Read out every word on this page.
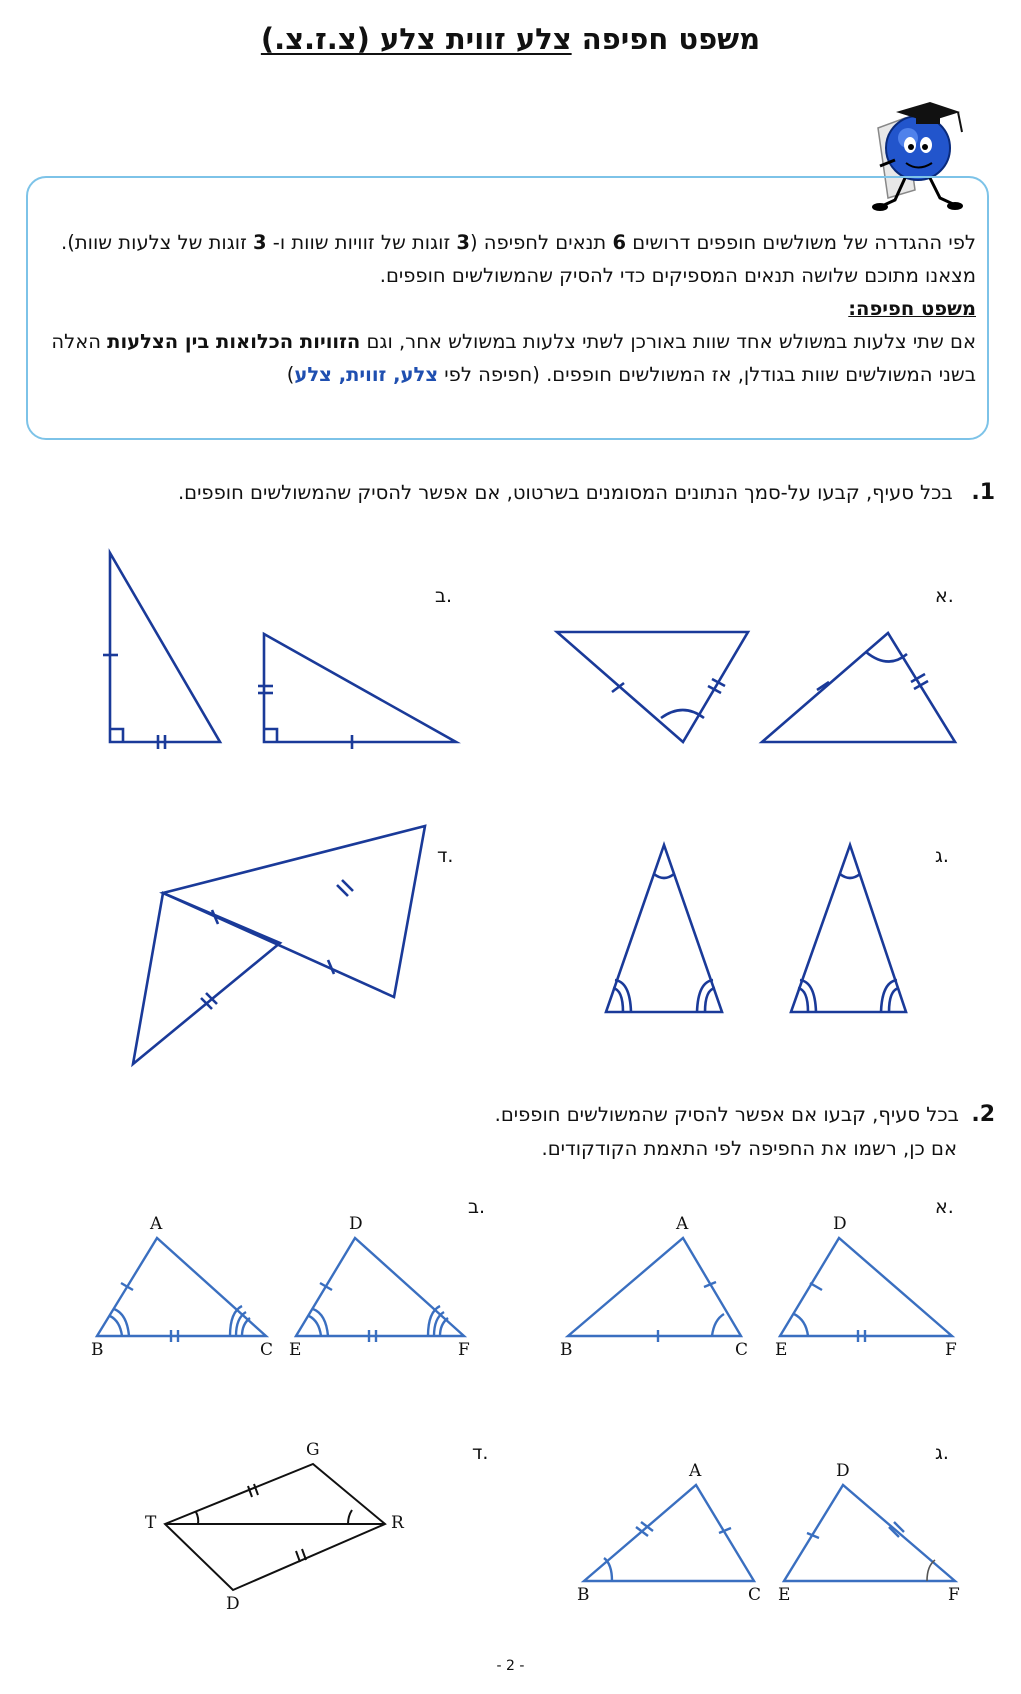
משפט חפיפה צלע זווית צלע (צ.ז.צ.)
לפי ההגדרה של משולשים חופפים דרושים 6 תנאים לחפיפה (3 זוגות של זוויות שוות ו- 3 זוגות של צלעות שוות).
מצאנו מתוכם שלושה תנאים המספיקים כדי להסיק שהמשולשים חופפים.
משפט חפיפה:
אם שתי צלעות במשולש אחד שוות באורכן לשתי צלעות במשולש אחר, וגם הזוויות הכלואות בין הצלעות האלה בשני המשולשים שוות בגודלן, אז המשולשים חופפים. (חפיפה לפי צלע, זווית, צלע)
1.   בכל סעיף, קבעו על-סמך הנתונים המסומנים בשרטוט, אם אפשר להסיק שהמשולשים חופפים.
א.
ב.
ג.
ד.
2.  בכל סעיף, קבעו אם אפשר להסיק שהמשולשים חופפים.
אם כן, רשמו את החפיפה לפי התאמת הקודקודים.
א.
ב.
ג.
ד.
A
B	C
D
E	F
A
B	C
D
E	F
A
B	C
D
E	F
G
T	R
D
- 2 -
